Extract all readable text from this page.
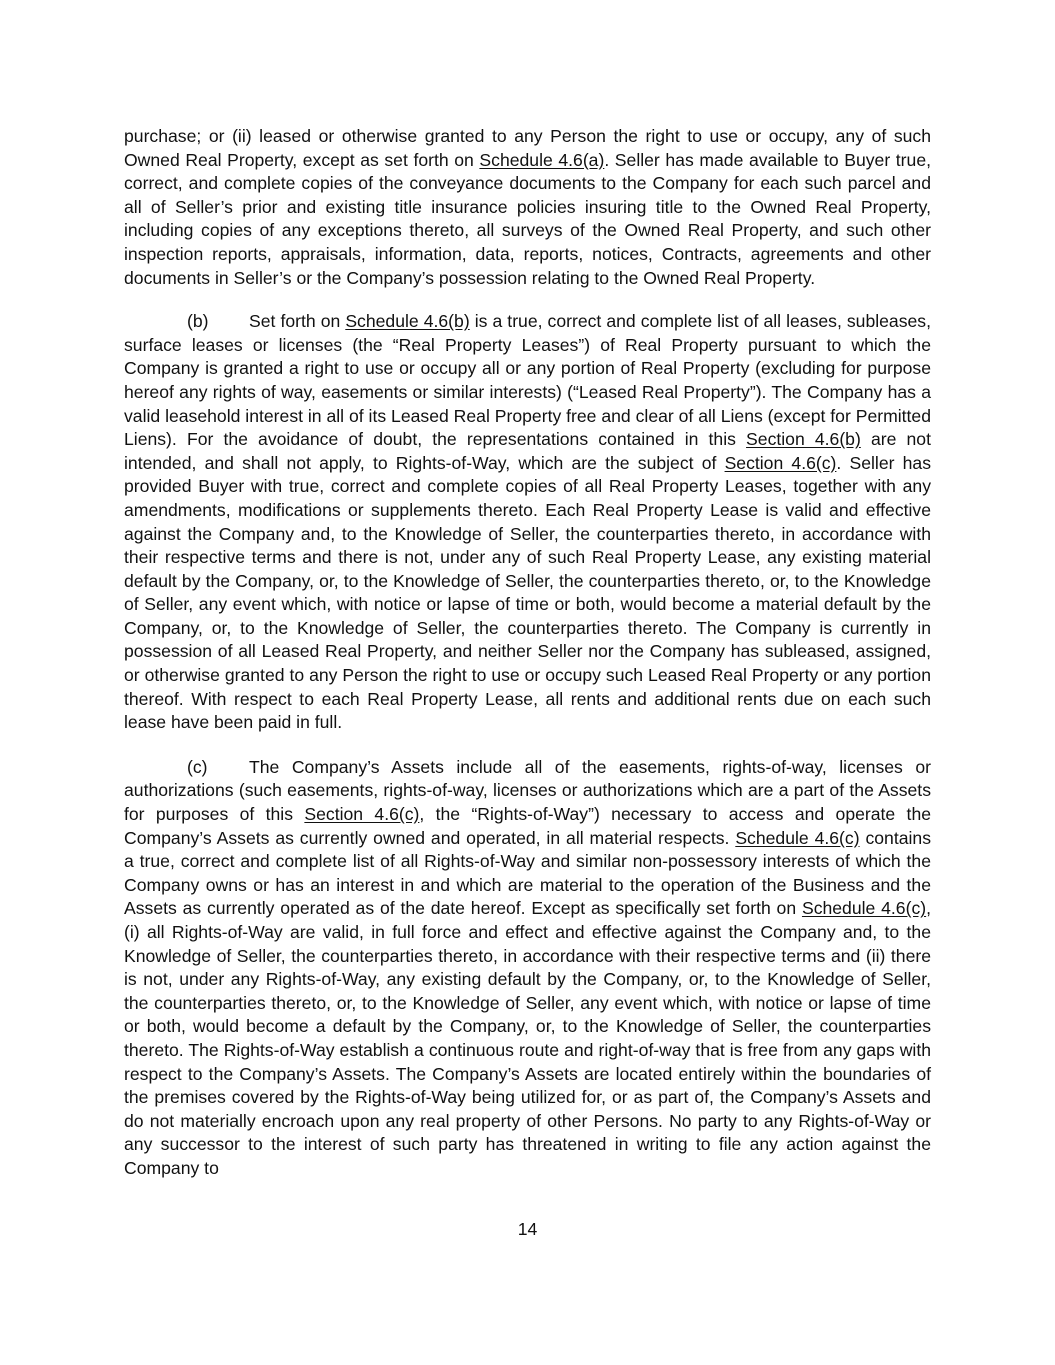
purchase; or (ii) leased or otherwise granted to any Person the right to use or occupy, any of such Owned Real Property, except as set forth on Schedule 4.6(a). Seller has made available to Buyer true, correct, and complete copies of the conveyance documents to the Company for each such parcel and all of Seller’s prior and existing title insurance policies insuring title to the Owned Real Property, including copies of any exceptions thereto, all surveys of the Owned Real Property, and such other inspection reports, appraisals, information, data, reports, notices, Contracts, agreements and other documents in Seller’s or the Company’s possession relating to the Owned Real Property.

(b) Set forth on Schedule 4.6(b) is a true, correct and complete list of all leases, subleases, surface leases or licenses (the “Real Property Leases”) of Real Property pursuant to which the Company is granted a right to use or occupy all or any portion of Real Property (excluding for purpose hereof any rights of way, easements or similar interests) (“Leased Real Property”). The Company has a valid leasehold interest in all of its Leased Real Property free and clear of all Liens (except for Permitted Liens). For the avoidance of doubt, the representations contained in this Section 4.6(b) are not intended, and shall not apply, to Rights-of-Way, which are the subject of Section 4.6(c). Seller has provided Buyer with true, correct and complete copies of all Real Property Leases, together with any amendments, modifications or supplements thereto. Each Real Property Lease is valid and effective against the Company and, to the Knowledge of Seller, the counterparties thereto, in accordance with their respective terms and there is not, under any of such Real Property Lease, any existing material default by the Company, or, to the Knowledge of Seller, the counterparties thereto, or, to the Knowledge of Seller, any event which, with notice or lapse of time or both, would become a material default by the Company, or, to the Knowledge of Seller, the counterparties thereto. The Company is currently in possession of all Leased Real Property, and neither Seller nor the Company has subleased, assigned, or otherwise granted to any Person the right to use or occupy such Leased Real Property or any portion thereof. With respect to each Real Property Lease, all rents and additional rents due on each such lease have been paid in full.

(c) The Company’s Assets include all of the easements, rights-of-way, licenses or authorizations (such easements, rights-of-way, licenses or authorizations which are a part of the Assets for purposes of this Section 4.6(c), the “Rights-of-Way”) necessary to access and operate the Company’s Assets as currently owned and operated, in all material respects. Schedule 4.6(c) contains a true, correct and complete list of all Rights-of-Way and similar non-possessory interests of which the Company owns or has an interest in and which are material to the operation of the Business and the Assets as currently operated as of the date hereof. Except as specifically set forth on Schedule 4.6(c), (i) all Rights-of-Way are valid, in full force and effect and effective against the Company and, to the Knowledge of Seller, the counterparties thereto, in accordance with their respective terms and (ii) there is not, under any Rights-of-Way, any existing default by the Company, or, to the Knowledge of Seller, the counterparties thereto, or, to the Knowledge of Seller, any event which, with notice or lapse of time or both, would become a default by the Company, or, to the Knowledge of Seller, the counterparties thereto. The Rights-of-Way establish a continuous route and right-of-way that is free from any gaps with respect to the Company’s Assets. The Company’s Assets are located entirely within the boundaries of the premises covered by the Rights-of-Way being utilized for, or as part of, the Company’s Assets and do not materially encroach upon any real property of other Persons. No party to any Rights-of-Way or any successor to the interest of such party has threatened in writing to file any action against the Company to

14
